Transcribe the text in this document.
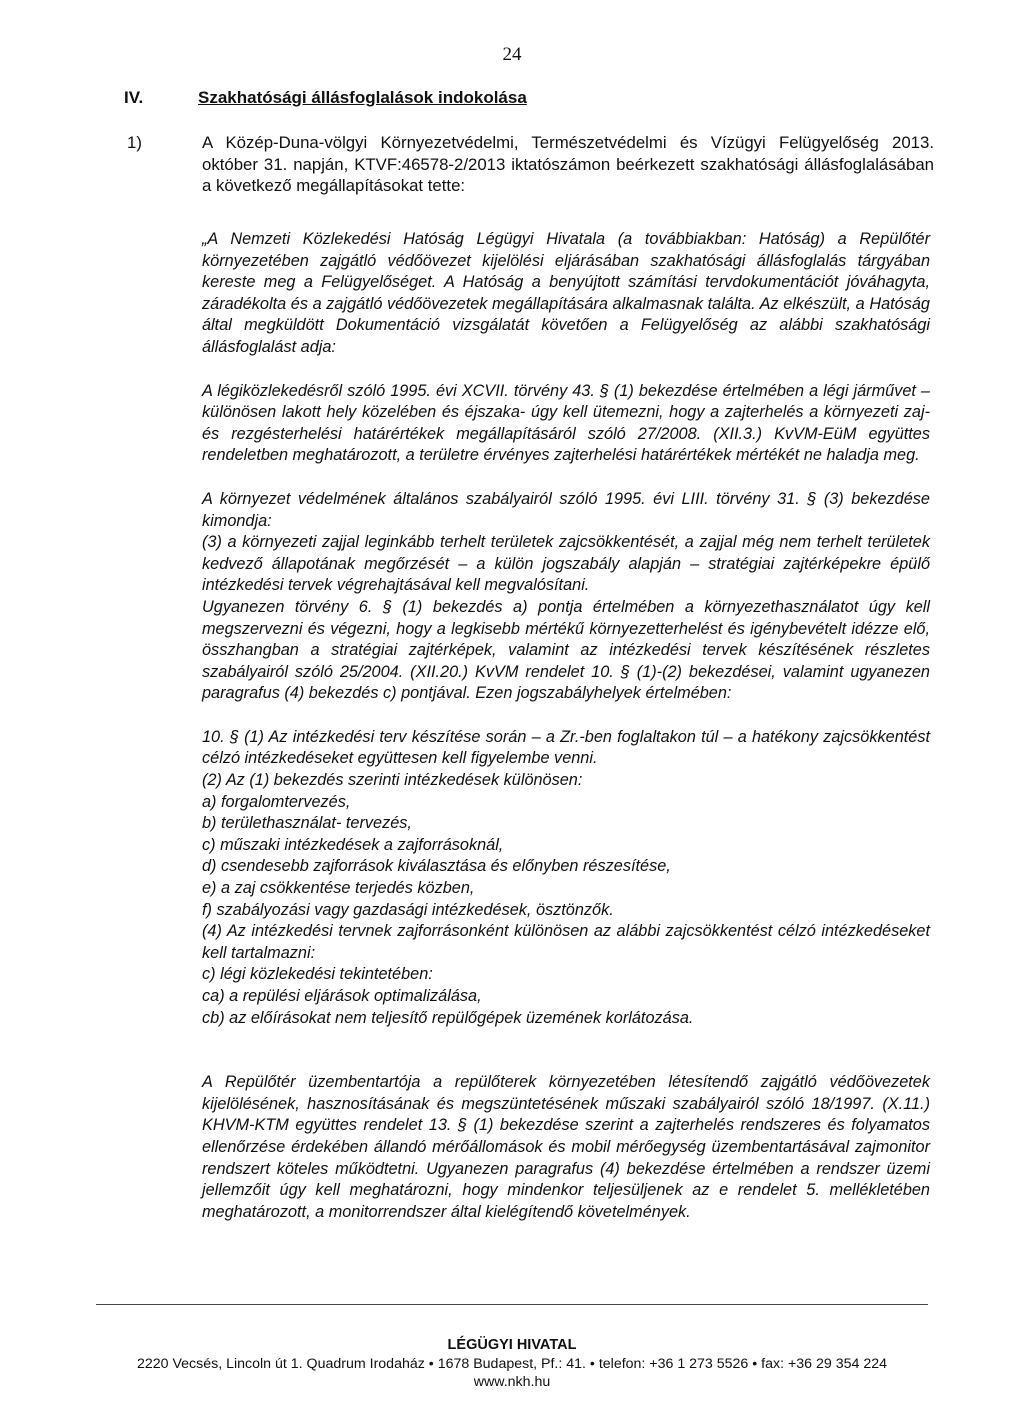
24
IV.	Szakhatósági állásfoglalások indokolása
1)	A Közép-Duna-völgyi Környezetvédelmi, Természetvédelmi és Vízügyi Felügyelőség 2013. október 31. napján, KTVF:46578-2/2013 iktatószámon beérkezett szakhatósági állásfoglalásában a következő megállapításokat tette:

„A Nemzeti Közlekedési Hatóság Légügyi Hivatala (a továbbiakban: Hatóság) a Repülőtér környezetében zajgátló védőövezet kijelölési eljárásában szakhatósági állásfoglalás tárgyában kereste meg a Felügyelőséget. A Hatóság a benyújtott számítási tervdokumentációt jóváhagyta, záradékolta és a zajgátló védőövezetek megállapítására alkalmasnak találta. Az elkészült, a Hatóság által megküldött Dokumentáció vizsgálatát követően a Felügyelőség az alábbi szakhatósági állásfoglalást adja:

A légiközlekedésről szóló 1995. évi XCVII. törvény 43. § (1) bekezdése értelmében a légi járművet – különösen lakott hely közelében és éjszaka- úgy kell ütemezni, hogy a zajterhelés a környezeti zaj-és rezgésterhelési határértékek megállapításáról szóló 27/2008. (XII.3.) KvVM-EüM együttes rendeletben meghatározott, a területre érvényes zajterhelési határértékek mértékét ne haladja meg.

A környezet védelmének általános szabályairól szóló 1995. évi LIII. törvény 31. § (3) bekezdése kimondja:

(3) a környezeti zajjal leginkább terhelt területek zajcsökkentését, a zajjal még nem terhelt területek kedvező állapotának megőrzését – a külön jogszabály alapján – stratégiai zajtérképekre épülő intézkedési tervek végrehajtásával kell megvalósítani.

Ugyanezen törvény 6. § (1) bekezdés a) pontja értelmében a környezethasználatot úgy kell megszervezni és végezni, hogy a legkisebb mértékű környezetterhelést és igénybevételt idézze elő, összhangban a stratégiai zajtérképek, valamint az intézkedési tervek készítésének részletes szabályairól szóló 25/2004. (XII.20.) KvVM rendelet 10. § (1)-(2) bekezdései, valamint ugyanezen paragrafus (4) bekezdés c) pontjával. Ezen jogszabályhelyek értelmében:

10. § (1) Az intézkedési terv készítése során – a Zr.-ben foglaltakon túl – a hatékony zajcsökkentést célzó intézkedéseket együttesen kell figyelembe venni.

(2) Az (1) bekezdés szerinti intézkedések különösen:

a) forgalomtervezés,
b) területhasználat- tervezés,
c) műszaki intézkedések a zajforrásoknál,
d) csendesebb zajforrások kiválasztása és előnyben részesítése,
e) a zaj csökkentése terjedés közben,
f) szabályozási vagy gazdasági intézkedések, ösztönzők.

(4) Az intézkedési tervnek zajforrásonként különösen az alábbi zajcsökkentést célzó intézkedéseket kell tartalmazni:

c) légi közlekedési tekintetében:
ca) a repülési eljárások optimalizálása,
cb) az előírásokat nem teljesítő repülőgépek üzemének korlátozása.

A Repülőtér üzembentartója a repülőterek környezetében létesítendő zajgátló védőövezetek kijelölésének, hasznosításának és megszüntetésének műszaki szabályairól szóló 18/1997. (X.11.) KHVM-KTM együttes rendelet 13. § (1) bekezdése szerint a zajterhelés rendszeres és folyamatos ellenőrzése érdekében állandó mérőállomások és mobil mérőegység üzembentartásával zajmonitor rendszert köteles működtetni. Ugyanezen paragrafus (4) bekezdése értelmében a rendszer üzemi jellemzőit úgy kell meghatározni, hogy mindenkor teljesüljenek az e rendelet 5. mellékletében meghatározott, a monitorrendszer által kielégítendő követelmények.

LÉGÜGYI HIVATAL
2220 Vecsés, Lincoln út 1. Quadrum Irodaház • 1678 Budapest, Pf.: 41. • telefon: +36 1 273 5526 • fax: +36 29 354 224
www.nkh.hu
